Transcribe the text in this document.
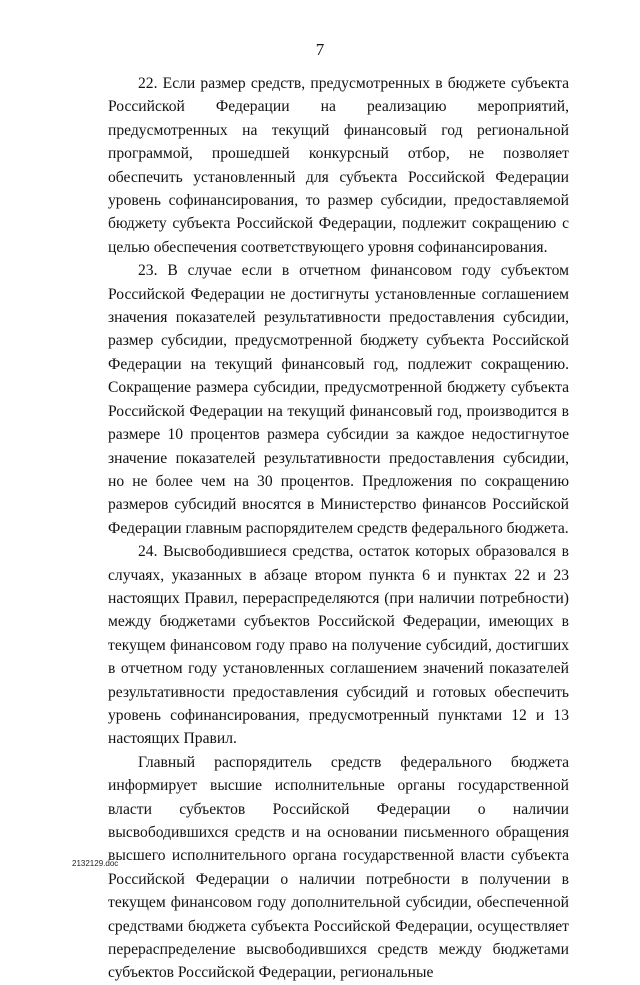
7

22. Если размер средств, предусмотренных в бюджете субъекта Российской Федерации на реализацию мероприятий, предусмотренных на текущий финансовый год региональной программой, прошедшей конкурсный отбор, не позволяет обеспечить установленный для субъекта Российской Федерации уровень софинансирования, то размер субсидии, предоставляемой бюджету субъекта Российской Федерации, подлежит сокращению с целью обеспечения соответствующего уровня софинансирования.

23. В случае если в отчетном финансовом году субъектом Российской Федерации не достигнуты установленные соглашением значения показателей результативности предоставления субсидии, размер субсидии, предусмотренной бюджету субъекта Российской Федерации на текущий финансовый год, подлежит сокращению. Сокращение размера субсидии, предусмотренной бюджету субъекта Российской Федерации на текущий финансовый год, производится в размере 10 процентов размера субсидии за каждое недостигнутое значение показателей результативности предоставления субсидии, но не более чем на 30 процентов. Предложения по сокращению размеров субсидий вносятся в Министерство финансов Российской Федерации главным распорядителем средств федерального бюджета.

24. Высвободившиеся средства, остаток которых образовался в случаях, указанных в абзаце втором пункта 6 и пунктах 22 и 23 настоящих Правил, перераспределяются (при наличии потребности) между бюджетами субъектов Российской Федерации, имеющих в текущем финансовом году право на получение субсидий, достигших в отчетном году установленных соглашением значений показателей результативности предоставления субсидий и готовых обеспечить уровень софинансирования, предусмотренный пунктами 12 и 13 настоящих Правил.

Главный распорядитель средств федерального бюджета информирует высшие исполнительные органы государственной власти субъектов Российской Федерации о наличии высвободившихся средств и на основании письменного обращения высшего исполнительного органа государственной власти субъекта Российской Федерации о наличии потребности в получении в текущем финансовом году дополнительной субсидии, обеспеченной средствами бюджета субъекта Российской Федерации, осуществляет перераспределение высвободившихся средств между бюджетами субъектов Российской Федерации, региональные

2132129.doc
